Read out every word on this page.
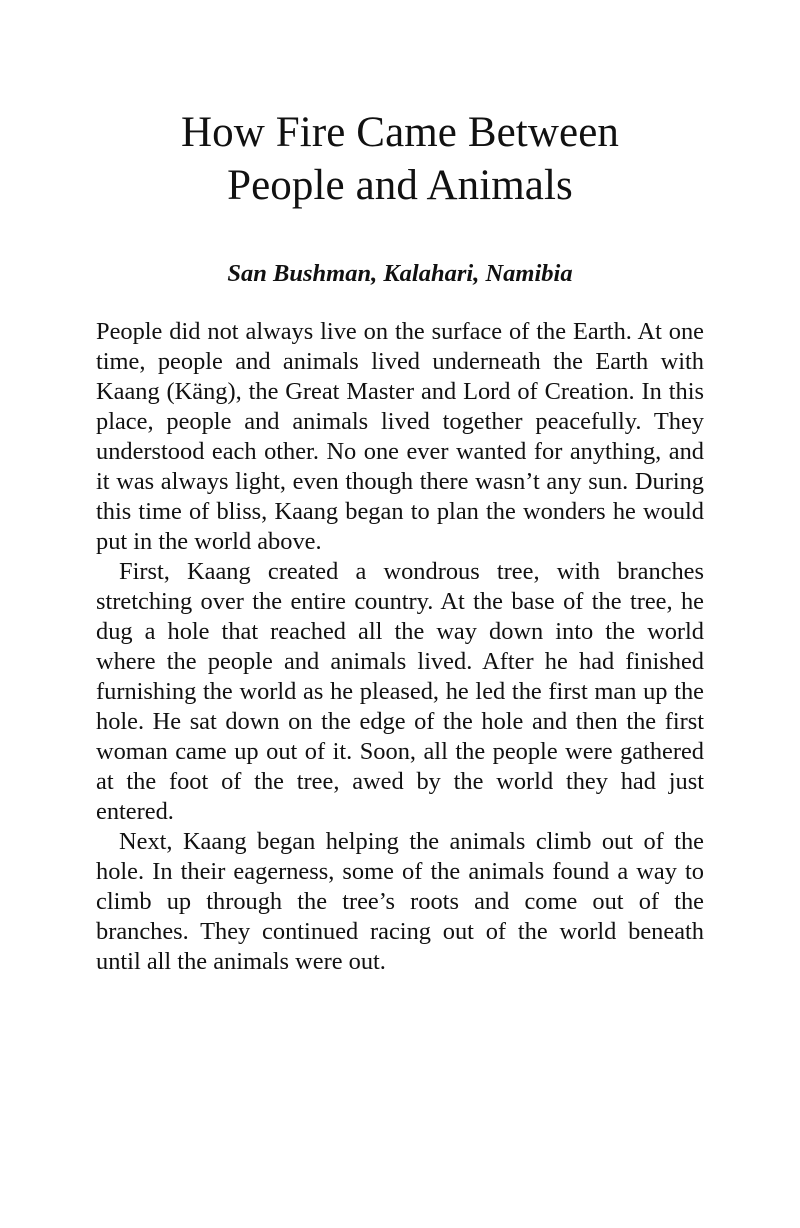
How Fire Came Between
People and Animals

San Bushman, Kalahari, Namibia

People did not always live on the surface of the Earth. At one time, people and animals lived underneath the Earth with Kaang (Käng), the Great Master and Lord of Creation. In this place, people and animals lived together peacefully. They understood each other. No one ever wanted for anything, and it was always light, even though there wasn’t any sun. During this time of bliss, Kaang began to plan the wonders he would put in the world above.

First, Kaang created a wondrous tree, with branches stretching over the entire country. At the base of the tree, he dug a hole that reached all the way down into the world where the people and animals lived. After he had finished furnishing the world as he pleased, he led the first man up the hole. He sat down on the edge of the hole and then the first woman came up out of it. Soon, all the people were gathered at the foot of the tree, awed by the world they had just entered.

Next, Kaang began helping the animals climb out of the hole. In their eagerness, some of the animals found a way to climb up through the tree’s roots and come out of the branches. They continued racing out of the world beneath until all the animals were out.
